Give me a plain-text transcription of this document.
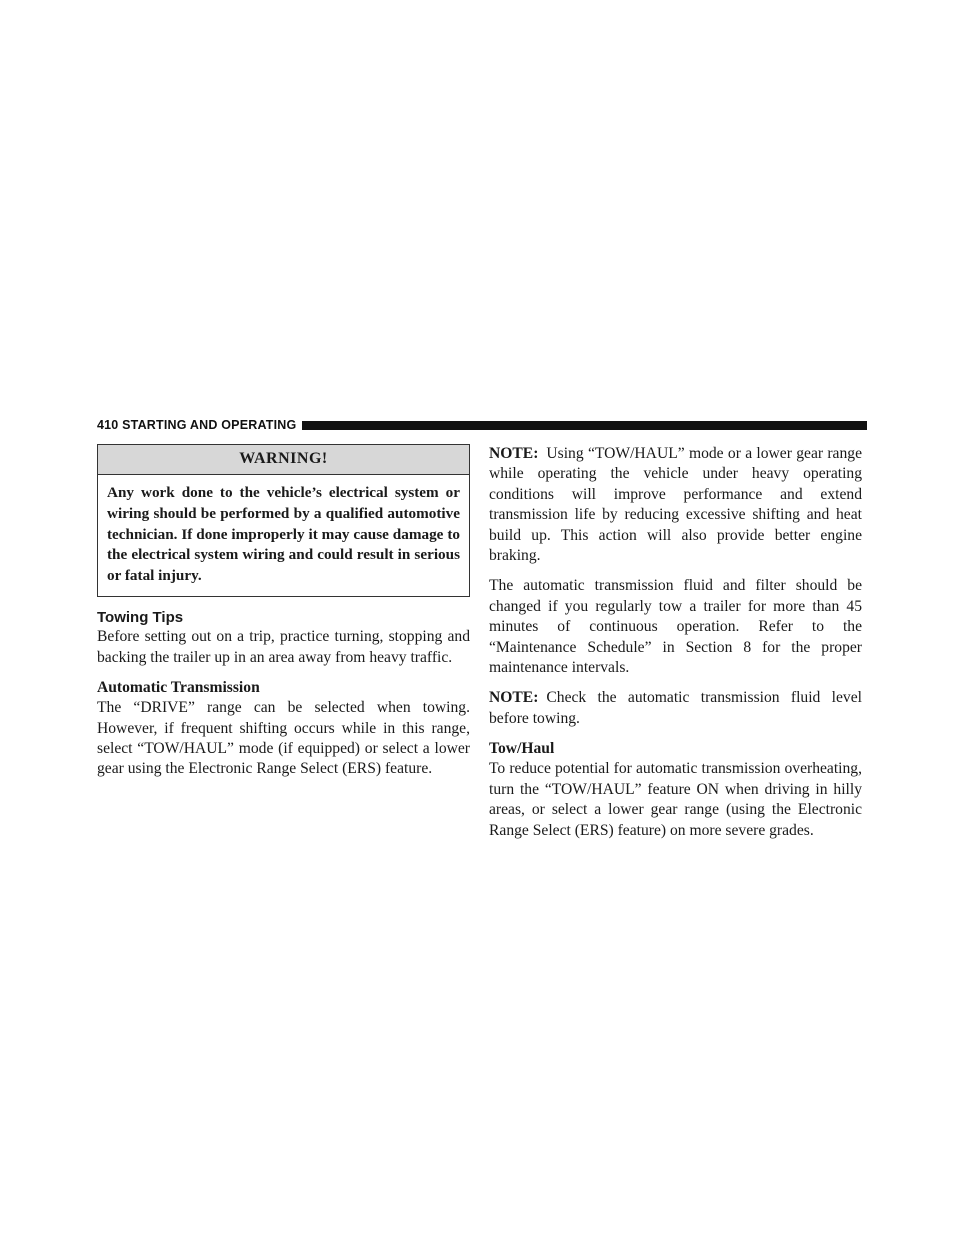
410 STARTING AND OPERATING
WARNING!
Any work done to the vehicle’s electrical system or wiring should be performed by a qualified automotive technician. If done improperly it may cause damage to the electrical system wiring and could result in serious or fatal injury.
Towing Tips

Before setting out on a trip, practice turning, stopping and backing the trailer up in an area away from heavy traffic.

Automatic Transmission

The “DRIVE” range can be selected when towing. However, if frequent shifting occurs while in this range, select “TOW/HAUL” mode (if equipped) or select a lower gear using the Electronic Range Select (ERS) feature.

NOTE: Using “TOW/HAUL” mode or a lower gear range while operating the vehicle under heavy operating conditions will improve performance and extend transmission life by reducing excessive shifting and heat build up. This action will also provide better engine braking.

The automatic transmission fluid and filter should be changed if you regularly tow a trailer for more than 45 minutes of continuous operation. Refer to the “Maintenance Schedule” in Section 8 for the proper maintenance intervals.

NOTE: Check the automatic transmission fluid level before towing.

Tow/Haul

To reduce potential for automatic transmission overheating, turn the “TOW/HAUL” feature ON when driving in hilly areas, or select a lower gear range (using the Electronic Range Select (ERS) feature) on more severe grades.
